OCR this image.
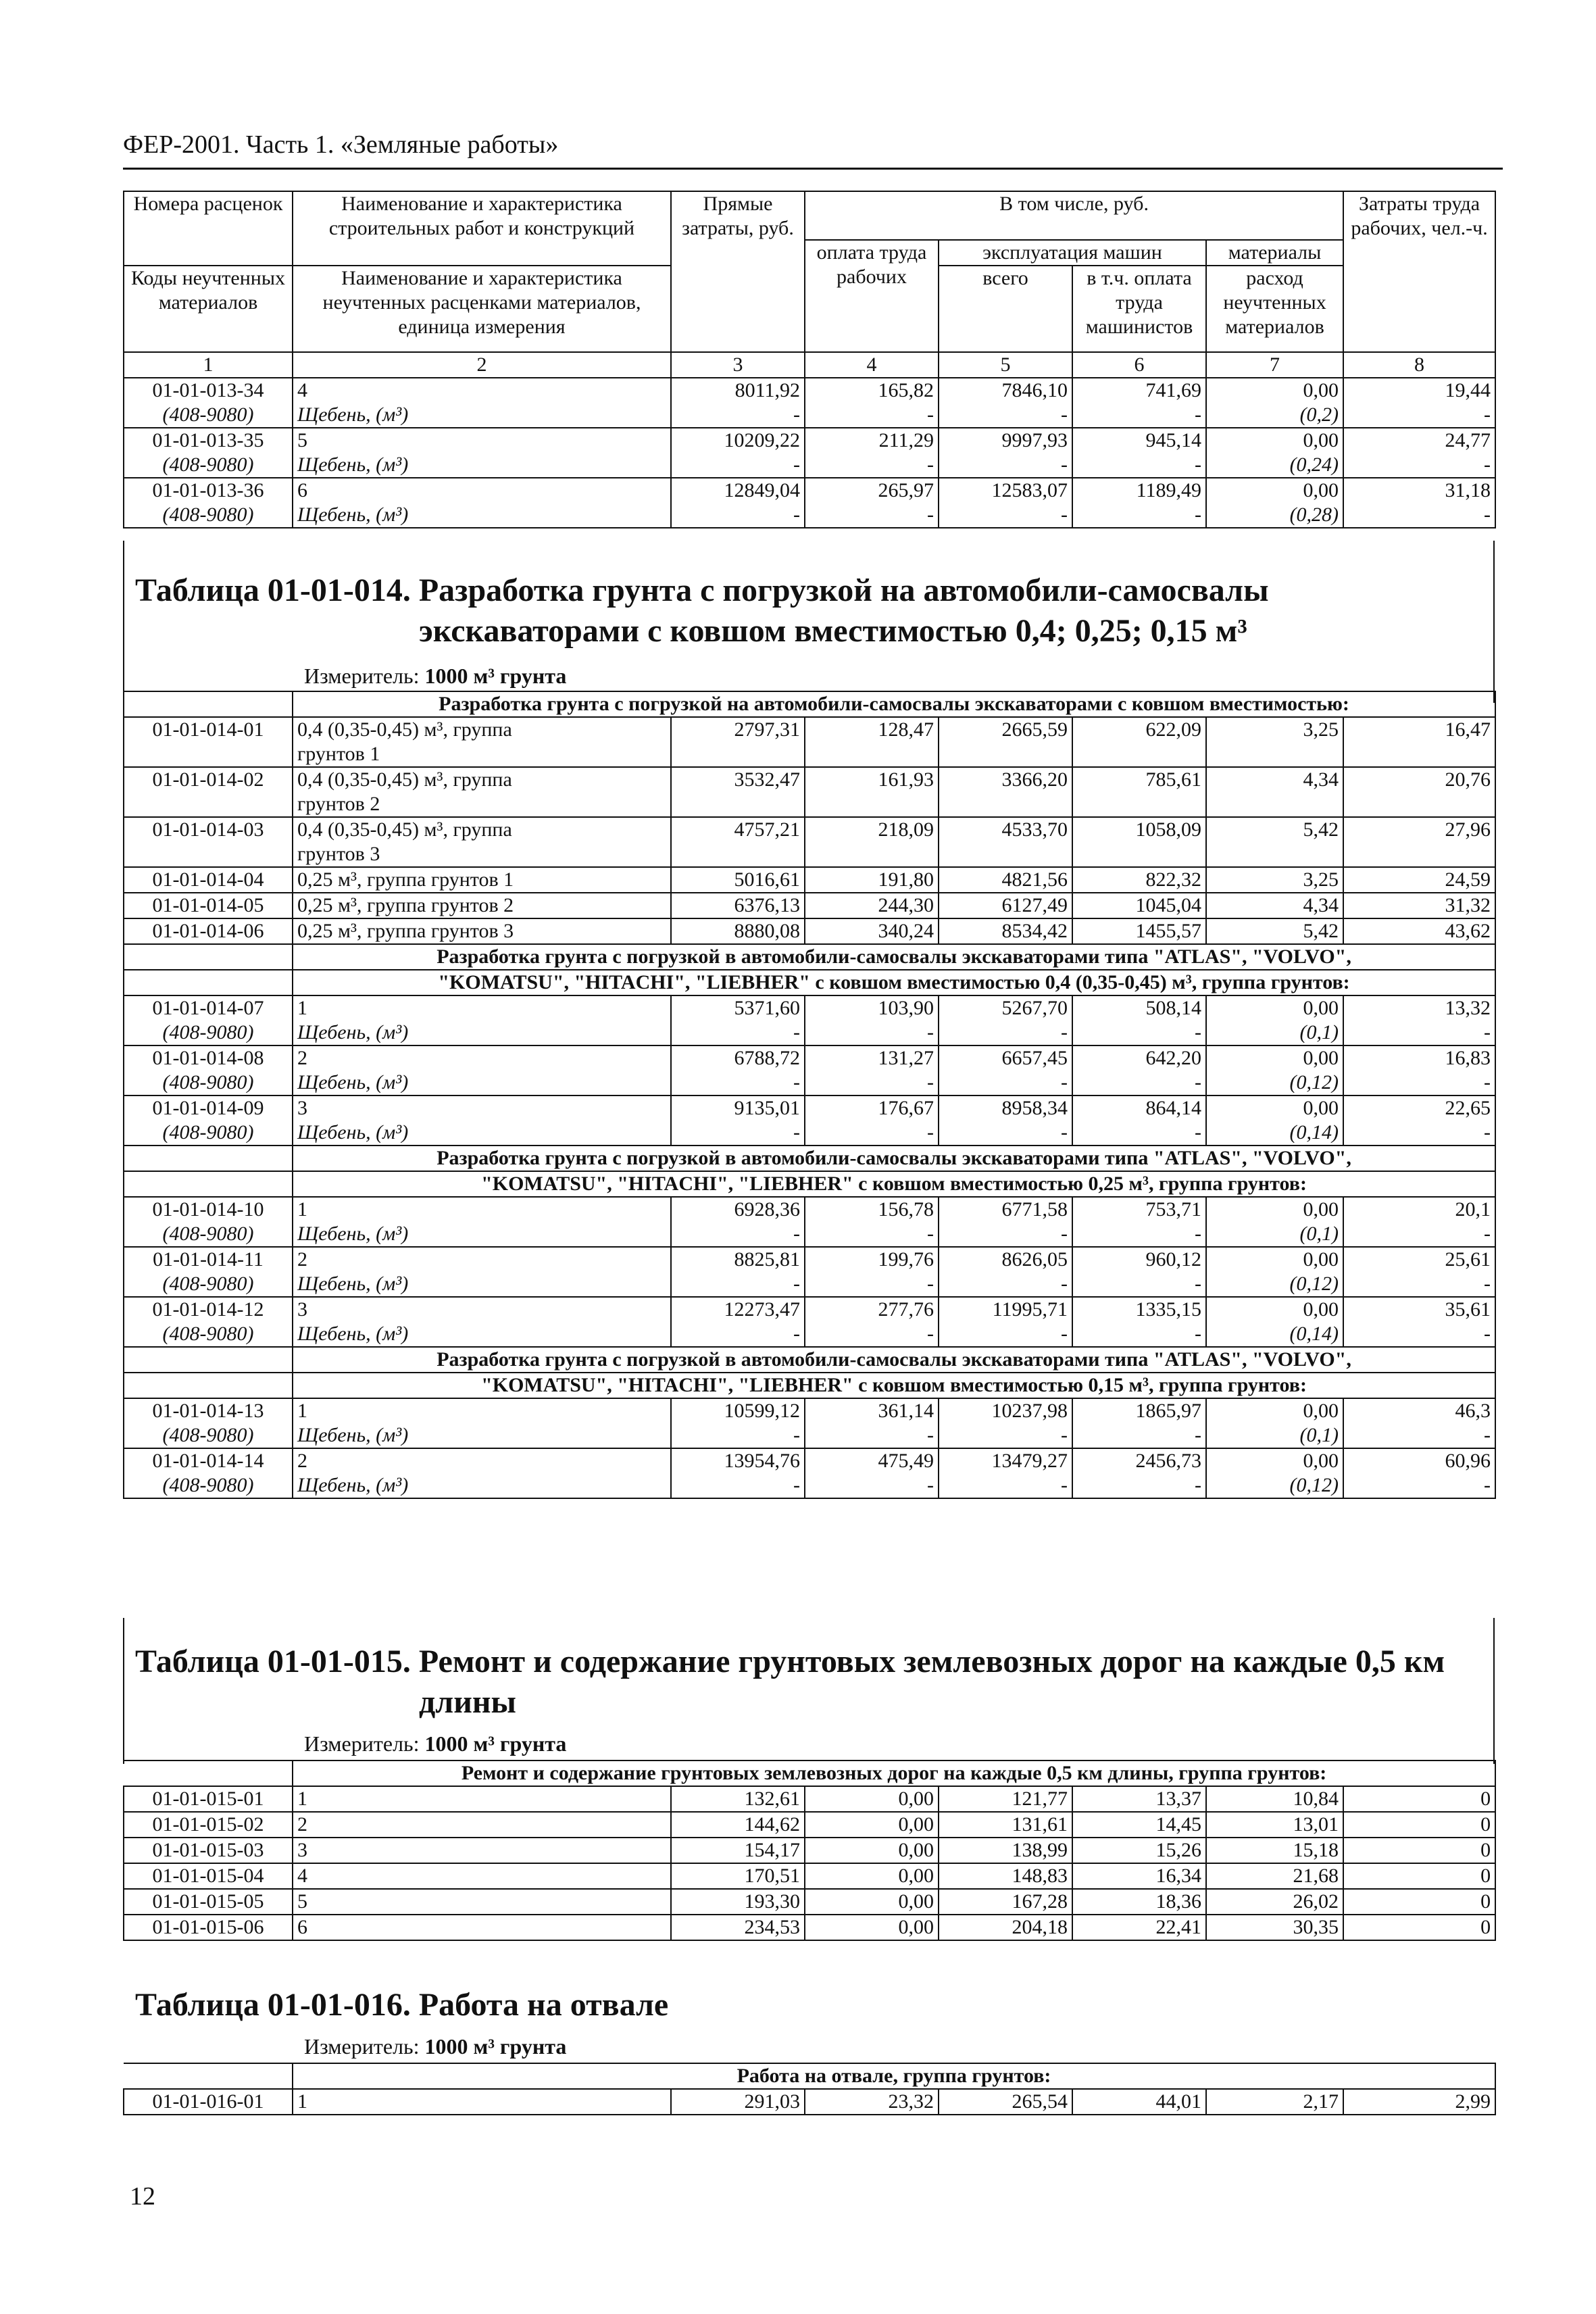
ФЕР-2001. Часть 1. «Земляные работы»
Номера расценок	Наименование и характеристика строительных работ и конструкций	Прямые затраты, руб.	В том числе, руб.				Затраты труда рабочих, чел.-ч.
			оплата труда рабочих	эксплуатация машин		материалы	
Коды неучтенных материалов	Наименование и характеристика неучтенных расценками материалов, единица измерения			всего	в т.ч. оплата труда машинистов	расход неучтенных материалов	

1	2	3	4	5	6	7	8
01-01-013-34	4	8011,92	165,82	7846,10	741,69	0,00	19,44
(408-9080)	Щебень, (м³)	-	-	-	-	(0,2)	-
01-01-013-35	5	10209,22	211,29	9997,93	945,14	0,00	24,77
(408-9080)	Щебень, (м³)	-	-	-	-	(0,24)	-
01-01-013-36	6	12849,04	265,97	12583,07	1189,49	0,00	31,18
(408-9080)	Щебень, (м³)	-	-	-	-	(0,28)	-
Таблица 01-01-014. Разработка грунта с погрузкой на автомобили-самосвалы
экскаваторами с ковшом вместимостью 0,4; 0,25; 0,15 м³
Измеритель: 1000 м³ грунта
	Разработка грунта с погрузкой на автомобили-самосвалы экскаваторами с ковшом вместимостью:						
01-01-014-01	0,4 (0,35-0,45) м³, группа	2797,31	128,47	2665,59	622,09	3,25	16,47
	грунтов 1						
01-01-014-02	0,4 (0,35-0,45) м³, группа	3532,47	161,93	3366,20	785,61	4,34	20,76
	грунтов 2						
01-01-014-03	0,4 (0,35-0,45) м³, группа	4757,21	218,09	4533,70	1058,09	5,42	27,96
	грунтов 3						
01-01-014-04	0,25 м³, группа грунтов 1	5016,61	191,80	4821,56	822,32	3,25	24,59
01-01-014-05	0,25 м³, группа грунтов 2	6376,13	244,30	6127,49	1045,04	4,34	31,32
01-01-014-06	0,25 м³, группа грунтов 3	8880,08	340,24	8534,42	1455,57	5,42	43,62
	Разработка грунта с погрузкой в автомобили-самосвалы экскаваторами типа "ATLAS", "VOLVO",						
	"KOMATSU", "HITACHI", "LIEBHER" с ковшом вместимостью 0,4 (0,35-0,45) м³, группа грунтов:						
01-01-014-07	1	5371,60	103,90	5267,70	508,14	0,00	13,32
(408-9080)	Щебень, (м³)	-	-	-	-	(0,1)	-
01-01-014-08	2	6788,72	131,27	6657,45	642,20	0,00	16,83
(408-9080)	Щебень, (м³)	-	-	-	-	(0,12)	-
01-01-014-09	3	9135,01	176,67	8958,34	864,14	0,00	22,65
(408-9080)	Щебень, (м³)	-	-	-	-	(0,14)	-
	Разработка грунта с погрузкой в автомобили-самосвалы экскаваторами типа "ATLAS", "VOLVO",						
	"KOMATSU", "HITACHI", "LIEBHER" с ковшом вместимостью 0,25 м³, группа грунтов:						
01-01-014-10	1	6928,36	156,78	6771,58	753,71	0,00	20,1
(408-9080)	Щебень, (м³)	-	-	-	-	(0,1)	-
01-01-014-11	2	8825,81	199,76	8626,05	960,12	0,00	25,61
(408-9080)	Щебень, (м³)	-	-	-	-	(0,12)	-
01-01-014-12	3	12273,47	277,76	11995,71	1335,15	0,00	35,61
(408-9080)	Щебень, (м³)	-	-	-	-	(0,14)	-
	Разработка грунта с погрузкой в автомобили-самосвалы экскаваторами типа "ATLAS", "VOLVO",						
	"KOMATSU", "HITACHI", "LIEBHER" с ковшом вместимостью 0,15 м³, группа грунтов:						
01-01-014-13	1	10599,12	361,14	10237,98	1865,97	0,00	46,3
(408-9080)	Щебень, (м³)	-	-	-	-	(0,1)	-
01-01-014-14	2	13954,76	475,49	13479,27	2456,73	0,00	60,96
(408-9080)	Щебень, (м³)	-	-	-	-	(0,12)	-
Таблица 01-01-015. Ремонт и содержание грунтовых землевозных дорог на каждые 0,5 км
длины
Измеритель: 1000 м³ грунта
	Ремонт и содержание грунтовых землевозных дорог на каждые 0,5 км длины, группа грунтов:						
01-01-015-01	1	132,61	0,00	121,77	13,37	10,84	0
01-01-015-02	2	144,62	0,00	131,61	14,45	13,01	0
01-01-015-03	3	154,17	0,00	138,99	15,26	15,18	0
01-01-015-04	4	170,51	0,00	148,83	16,34	21,68	0
01-01-015-05	5	193,30	0,00	167,28	18,36	26,02	0
01-01-015-06	6	234,53	0,00	204,18	22,41	30,35	0
Таблица 01-01-016. Работа на отвале
Измеритель: 1000 м³ грунта
	Работа на отвале, группа грунтов:						
01-01-016-01	1	291,03	23,32	265,54	44,01	2,17	2,99
12
